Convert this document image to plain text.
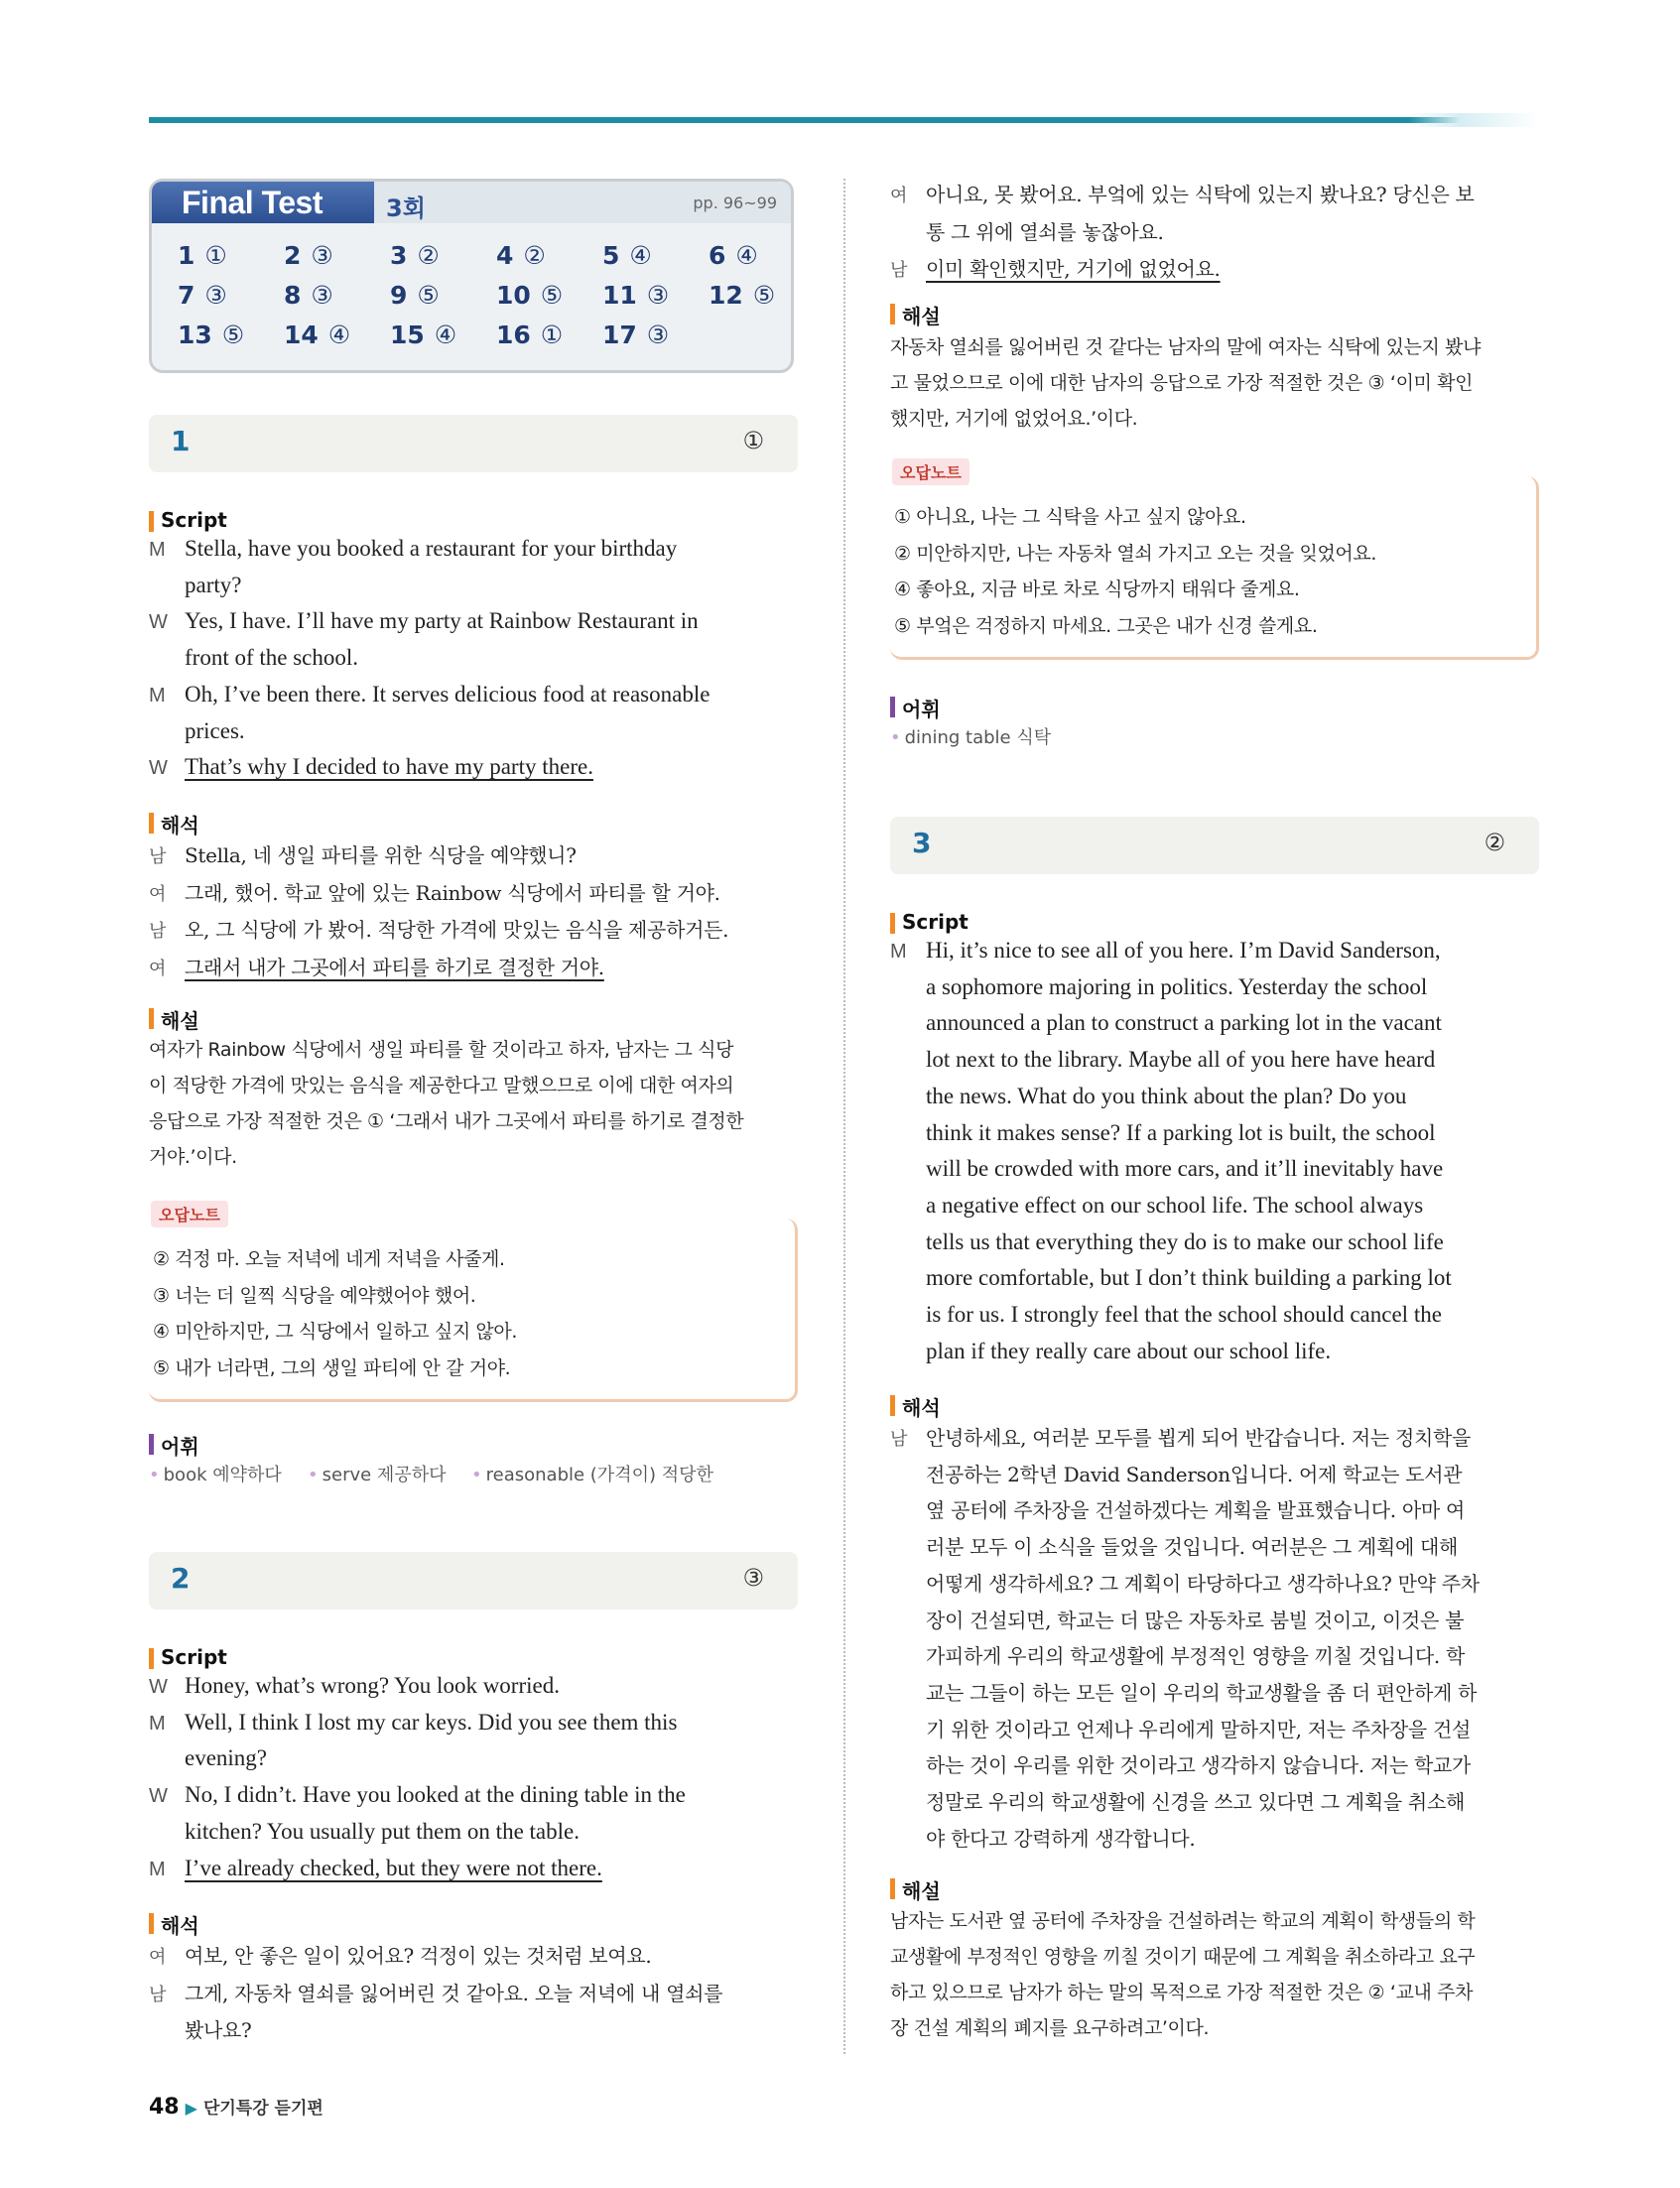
Final Test	3회	pp. 96~99
1 ① 2 ③ 3 ② 4 ② 5 ④ 6 ④
7 ③ 8 ③ 9 ⑤ 10 ⑤ 11 ③ 12 ⑤
13 ⑤ 14 ④ 15 ④ 16 ① 17 ③
1	①
Script
M Stella, have you booked a restaurant for your birthday
party?
W Yes, I have. I’ll have my party at Rainbow Restaurant in
front of the school.
M Oh, I’ve been there. It serves delicious food at reasonable
prices.
W That’s why I decided to have my party there.
해석
남 Stella, 네 생일 파티를 위한 식당을 예약했니?
여 그래, 했어. 학교 앞에 있는 Rainbow 식당에서 파티를 할 거야.
남 오, 그 식당에 가 봤어. 적당한 가격에 맛있는 음식을 제공하거든.
여 그래서 내가 그곳에서 파티를 하기로 결정한 거야.
해설
여자가 Rainbow 식당에서 생일 파티를 할 것이라고 하자, 남자는 그 식당
이 적당한 가격에 맛있는 음식을 제공한다고 말했으므로 이에 대한 여자의
응답으로 가장 적절한 것은 ① ‘그래서 내가 그곳에서 파티를 하기로 결정한
거야.’이다.
오답노트
② 걱정 마. 오늘 저녁에 네게 저녁을 사줄게.
③ 너는 더 일찍 식당을 예약했어야 했어.
④ 미안하지만, 그 식당에서 일하고 싶지 않아.
⑤ 내가 너라면, 그의 생일 파티에 안 갈 거야.
어휘
• book 예약하다 • serve 제공하다 • reasonable (가격이) 적당한
2	③
Script
W Honey, what’s wrong? You look worried.
M Well, I think I lost my car keys. Did you see them this
evening?
W No, I didn’t. Have you looked at the dining table in the
kitchen? You usually put them on the table.
M I’ve already checked, but they were not there.
해석
여 여보, 안 좋은 일이 있어요? 걱정이 있는 것처럼 보여요.
남 그게, 자동차 열쇠를 잃어버린 것 같아요. 오늘 저녁에 내 열쇠를
봤나요?
여 아니요, 못 봤어요. 부엌에 있는 식탁에 있는지 봤나요? 당신은 보
통 그 위에 열쇠를 놓잖아요.
남 이미 확인했지만, 거기에 없었어요.
해설
자동차 열쇠를 잃어버린 것 같다는 남자의 말에 여자는 식탁에 있는지 봤냐
고 물었으므로 이에 대한 남자의 응답으로 가장 적절한 것은 ③ ‘이미 확인
했지만, 거기에 없었어요.’이다.
오답노트
① 아니요, 나는 그 식탁을 사고 싶지 않아요.
② 미안하지만, 나는 자동차 열쇠 가지고 오는 것을 잊었어요.
④ 좋아요, 지금 바로 차로 식당까지 태워다 줄게요.
⑤ 부엌은 걱정하지 마세요. 그곳은 내가 신경 쓸게요.
어휘
• dining table 식탁
3	②
Script
M Hi, it’s nice to see all of you here. I’m David Sanderson,
a sophomore majoring in politics. Yesterday the school
announced a plan to construct a parking lot in the vacant
lot next to the library. Maybe all of you here have heard
the news. What do you think about the plan? Do you
think it makes sense? If a parking lot is built, the school
will be crowded with more cars, and it’ll inevitably have
a negative effect on our school life. The school always
tells us that everything they do is to make our school life
more comfortable, but I don’t think building a parking lot
is for us. I strongly feel that the school should cancel the
plan if they really care about our school life.
해석
남 안녕하세요, 여러분 모두를 뵙게 되어 반갑습니다. 저는 정치학을
전공하는 2학년 David Sanderson입니다. 어제 학교는 도서관
옆 공터에 주차장을 건설하겠다는 계획을 발표했습니다. 아마 여
러분 모두 이 소식을 들었을 것입니다. 여러분은 그 계획에 대해
어떻게 생각하세요? 그 계획이 타당하다고 생각하나요? 만약 주차
장이 건설되면, 학교는 더 많은 자동차로 붐빌 것이고, 이것은 불
가피하게 우리의 학교생활에 부정적인 영향을 끼칠 것입니다. 학
교는 그들이 하는 모든 일이 우리의 학교생활을 좀 더 편안하게 하
기 위한 것이라고 언제나 우리에게 말하지만, 저는 주차장을 건설
하는 것이 우리를 위한 것이라고 생각하지 않습니다. 저는 학교가
정말로 우리의 학교생활에 신경을 쓰고 있다면 그 계획을 취소해
야 한다고 강력하게 생각합니다.
해설
남자는 도서관 옆 공터에 주차장을 건설하려는 학교의 계획이 학생들의 학
교생활에 부정적인 영향을 끼칠 것이기 때문에 그 계획을 취소하라고 요구
하고 있으므로 남자가 하는 말의 목적으로 가장 적절한 것은 ② ‘교내 주차
장 건설 계획의 폐지를 요구하려고’이다.
48 ▶ 단기특강 듣기편
